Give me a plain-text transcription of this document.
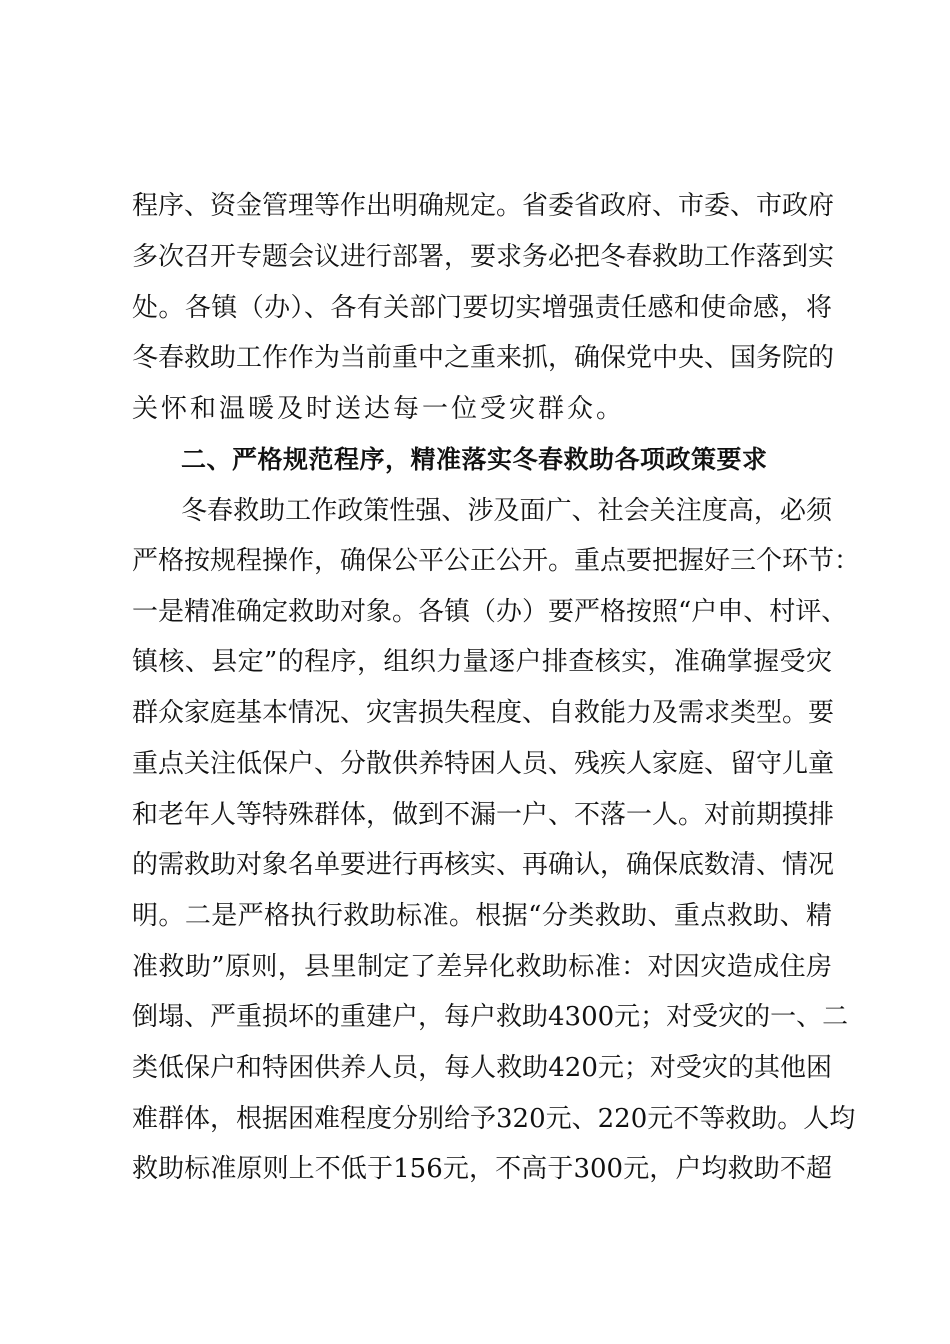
程序、资金管理等作出明确规定。省委省政府、市委、市政府
多次召开专题会议进行部署，要求务必把冬春救助工作落到实
处。各镇（办）、各有关部门要切实增强责任感和使命感，将
冬春救助工作作为当前重中之重来抓，确保党中央、国务院的
关怀和温暖及时送达每一位受灾群众。
二、严格规范程序，精准落实冬春救助各项政策要求
冬春救助工作政策性强、涉及面广、社会关注度高，必须
严格按规程操作，确保公平公正公开。重点要把握好三个环节：
一是精准确定救助对象。各镇（办）要严格按照“户申、村评、
镇核、县定”的程序，组织力量逐户排查核实，准确掌握受灾
群众家庭基本情况、灾害损失程度、自救能力及需求类型。要
重点关注低保户、分散供养特困人员、残疾人家庭、留守儿童
和老年人等特殊群体，做到不漏一户、不落一人。对前期摸排
的需救助对象名单要进行再核实、再确认，确保底数清、情况
明。二是严格执行救助标准。根据“分类救助、重点救助、精
准救助”原则，县里制定了差异化救助标准：对因灾造成住房
倒塌、严重损坏的重建户，每户救助4300元；对受灾的一、二
类低保户和特困供养人员，每人救助420元；对受灾的其他困
难群体，根据困难程度分别给予320元、220元不等救助。人均
救助标准原则上不低于156元，不高于300元，户均救助不超
